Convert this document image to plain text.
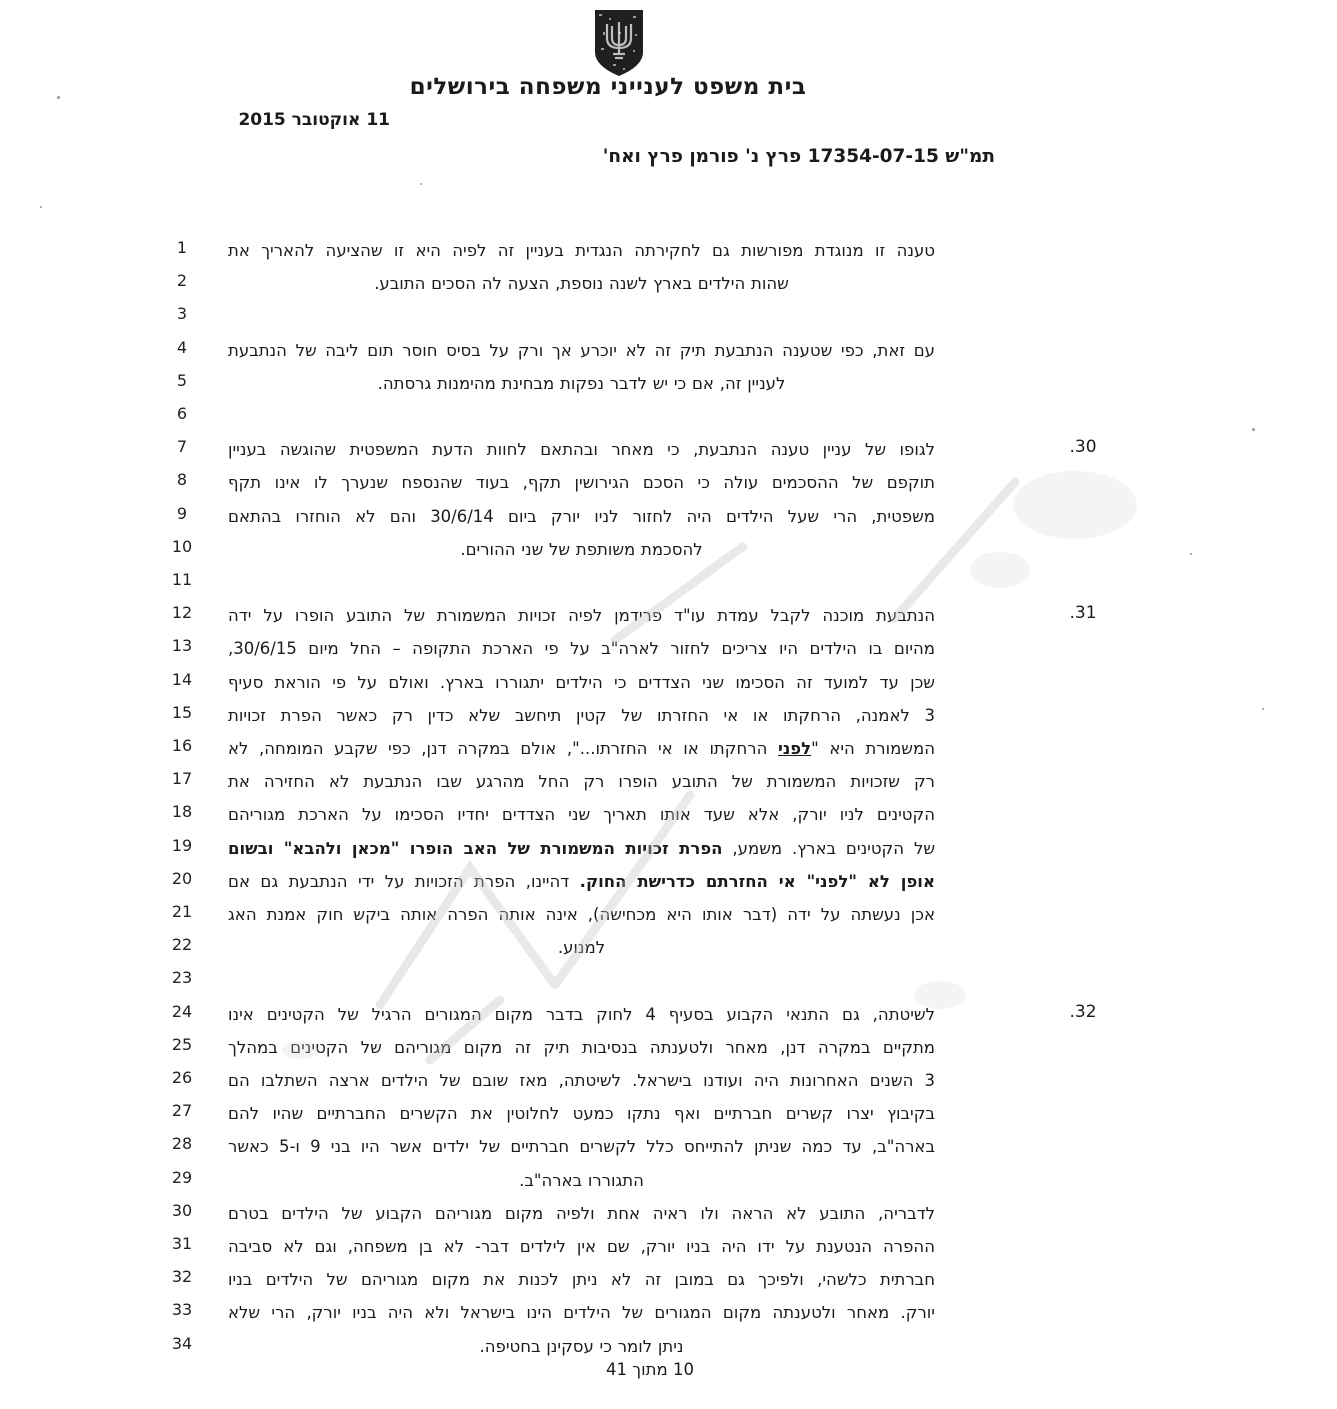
בית משפט לענייני משפחה בירושלים
11 אוקטובר 2015
תמ"ש 17354-07-15 פרץ נ' פורמן פרץ ואח'
1	טענה זו מנוגדת מפורשות גם לחקירתה הנגדית בעניין זה לפיה היא זו שהציעה להאריך את
2	שהות הילדים בארץ לשנה נוספת, הצעה לה הסכים התובע.
3
4	עם זאת, כפי שטענה הנתבעת תיק זה לא יוכרע אך ורק על בסיס חוסר תום ליבה של הנתבעת
5	לעניין זה, אם כי יש לדבר נפקות מבחינת מהימנות גרסתה.
6
7	לגופו של עניין טענה הנתבעת, כי מאחר ובהתאם לחוות הדעת המשפטית שהוגשה בעניין	30.
8	תוקפם של ההסכמים עולה כי הסכם הגירושין תקף, בעוד שהנספח שנערך לו אינו תקף
9	משפטית, הרי שעל הילדים היה לחזור לניו יורק ביום 30/6/14 והם לא הוחזרו בהתאם
10	להסכמת משותפת של שני ההורים.
11
12	הנתבעת מוכנה לקבל עמדת עו"ד פרידמן לפיה זכויות המשמורת של התובע הופרו על ידה	31.
13	מהיום בו הילדים היו צריכים לחזור לארה"ב על פי הארכת התקופה – החל מיום 30/6/15,
14	שכן עד למועד זה הסכימו שני הצדדים כי הילדים יתגוררו בארץ. ואולם על פי הוראת סעיף
15	3 לאמנה, הרחקתו או אי החזרתו של קטין תיחשב שלא כדין רק כאשר הפרת זכויות
16	המשמורת היא "לפני הרחקתו או אי החזרתו...", אולם במקרה דנן, כפי שקבע המומחה, לא
17	רק שזכויות המשמורת של התובע הופרו רק החל מהרגע שבו הנתבעת לא החזירה את
18	הקטינים לניו יורק, אלא שעד אותו תאריך שני הצדדים יחדיו הסכימו על הארכת מגוריהם
19	של הקטינים בארץ. משמע, הפרת זכויות המשמורת של האב הופרו "מכאן ולהבא" ובשום
20	אופן לא "לפני" אי החזרתם כדרישת החוק. דהיינו, הפרת הזכויות על ידי הנתבעת גם אם
21	אכן נעשתה על ידה (דבר אותו היא מכחישה), אינה אותה הפרה אותה ביקש חוק אמנת האג
22	למנוע.
23
24	לשיטתה, גם התנאי הקבוע בסעיף 4 לחוק בדבר מקום המגורים הרגיל של הקטינים אינו	32.
25	מתקיים במקרה דנן, מאחר ולטענתה בנסיבות תיק זה מקום מגוריהם של הקטינים במהלך
26	3 השנים האחרונות היה ועודנו בישראל. לשיטתה, מאז שובם של הילדים ארצה השתלבו הם
27	בקיבוץ יצרו קשרים חברתיים ואף נתקו כמעט לחלוטין את הקשרים החברתיים שהיו להם
28	בארה"ב, עד כמה שניתן להתייחס כלל לקשרים חברתיים של ילדים אשר היו בני 9 ו-5 כאשר
29	התגוררו בארה"ב.
30	לדבריה, התובע לא הראה ולו ראיה אחת ולפיה מקום מגוריהם הקבוע של הילדים בטרם
31	ההפרה הנטענת על ידו היה בניו יורק, שם אין לילדים דבר- לא בן משפחה, וגם לא סביבה
32	חברתית כלשהי, ולפיכך גם במובן זה לא ניתן לכנות את מקום מגוריהם של הילדים בניו
33	יורק. מאחר ולטענתה מקום המגורים של הילדים הינו בישראל ולא היה בניו יורק, הרי שלא
34	ניתן לומר כי עסקינן בחטיפה.
10 מתוך 41
